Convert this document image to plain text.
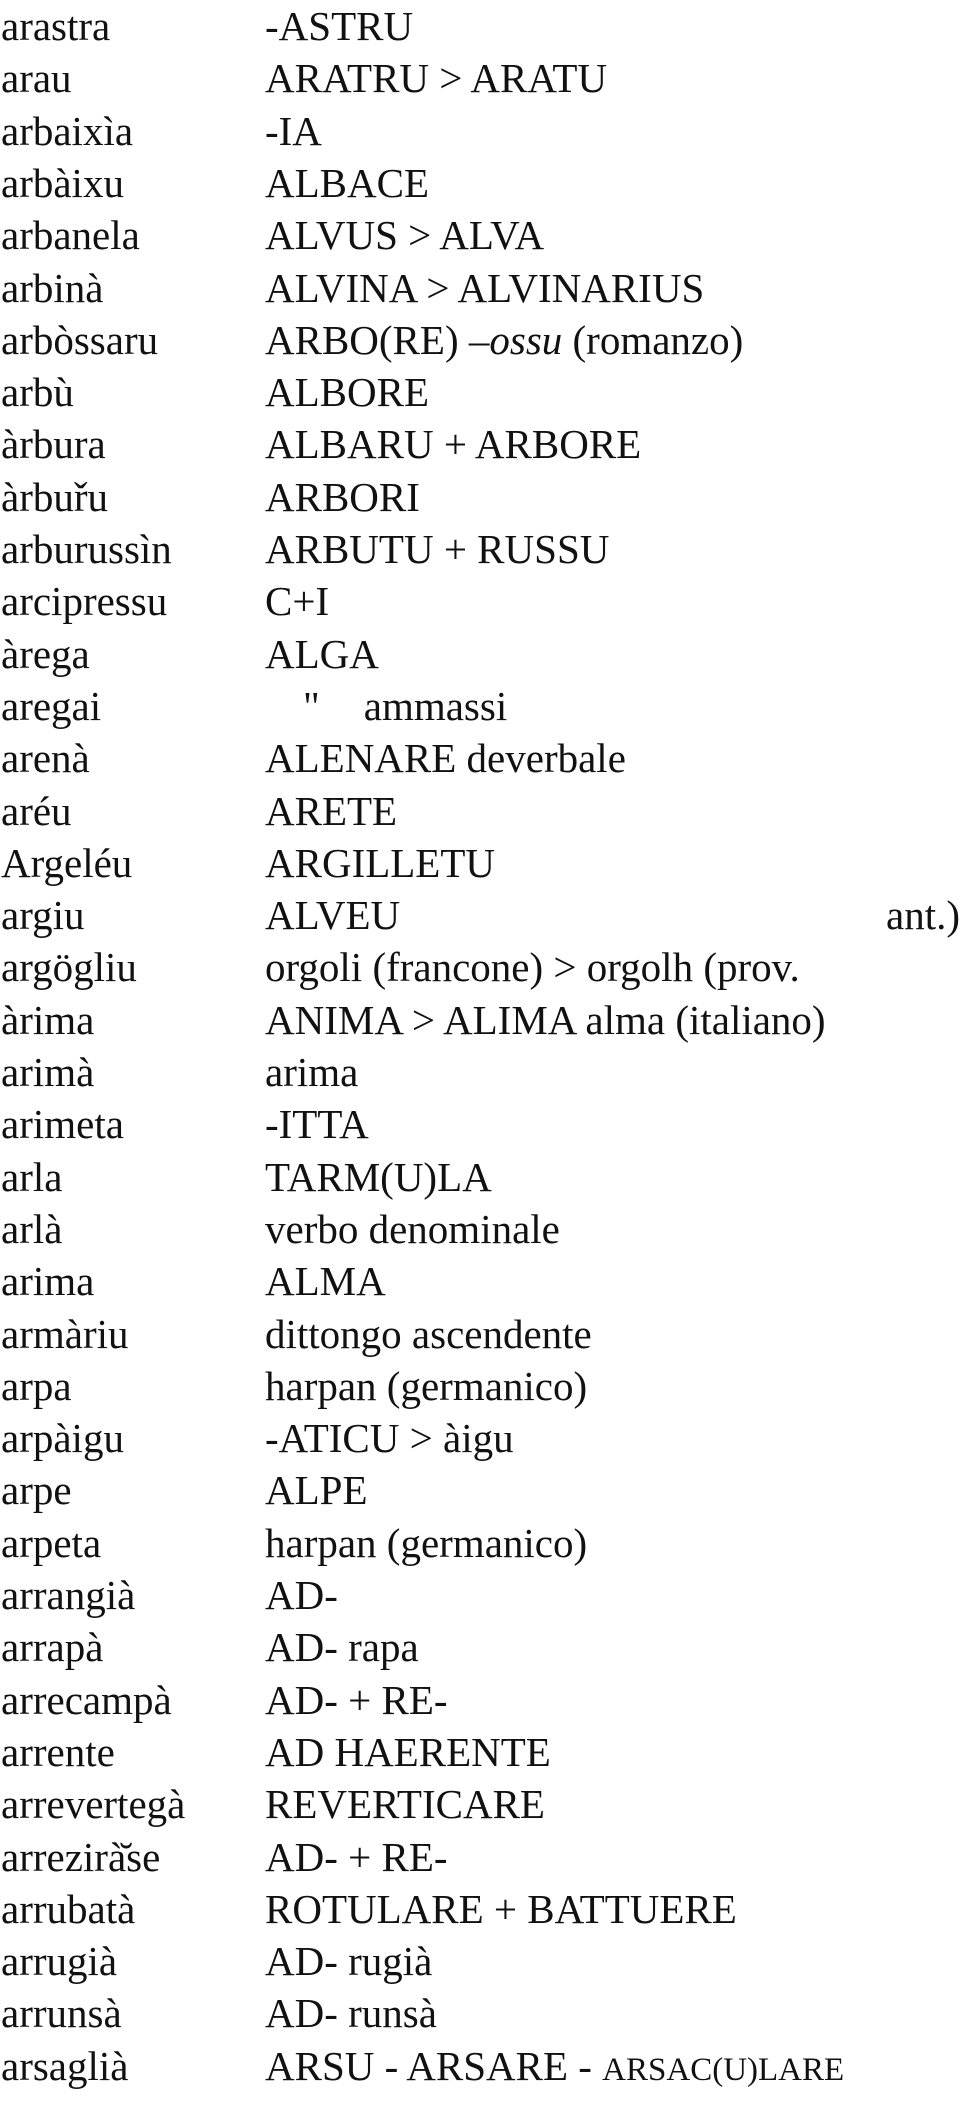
arastra	-ASTRU
arau	ARATRU > ARATU
arbaixìa	-IA
arbàixu	ALBACE
arbanela	ALVUS > ALVA
arbinà	ALVINA > ALVINARIUS
arbòssaru	ARBO(RE) –ossu (romanzo)
arbù	ALBORE
àrbura	ALBARU + ARBORE
àrbuřu	ARBORI
arburussìn ARBUTU + RUSSU
arcipressu C+I
àrega	ALGA
aregai	" ammassi
arenà	ALENARE deverbale
aréu	ARETE
Argeléu	ARGILLETU
argiu	ALVEU	ant.)
argögliu	orgoli (francone) > orgolh (prov.
àrima	ANIMA > ALIMA alma (italiano)
arimà	arima
arimeta	-ITTA
arla	TARM(U)LA
arlà	verbo denominale
arima	ALMA
armàriu	dittongo ascendente
arpa	harpan (germanico)
arpàigu	-ATICU > àigu
arpe	ALPE
arpeta	harpan (germanico)
arrangià	AD-
arrapà	AD- rapa
arrecampà AD- + RE-
arrente	AD HAERENTE
arrevertegà REVERTICARE
arrezirà̆se	AD- + RE-
arrubatà	ROTULARE + BATTUERE
arrugià	AD- rugià
arrunsà	AD- runsà
arsaglià	ARSU - ARSARE - ARSAC(U)LARE
